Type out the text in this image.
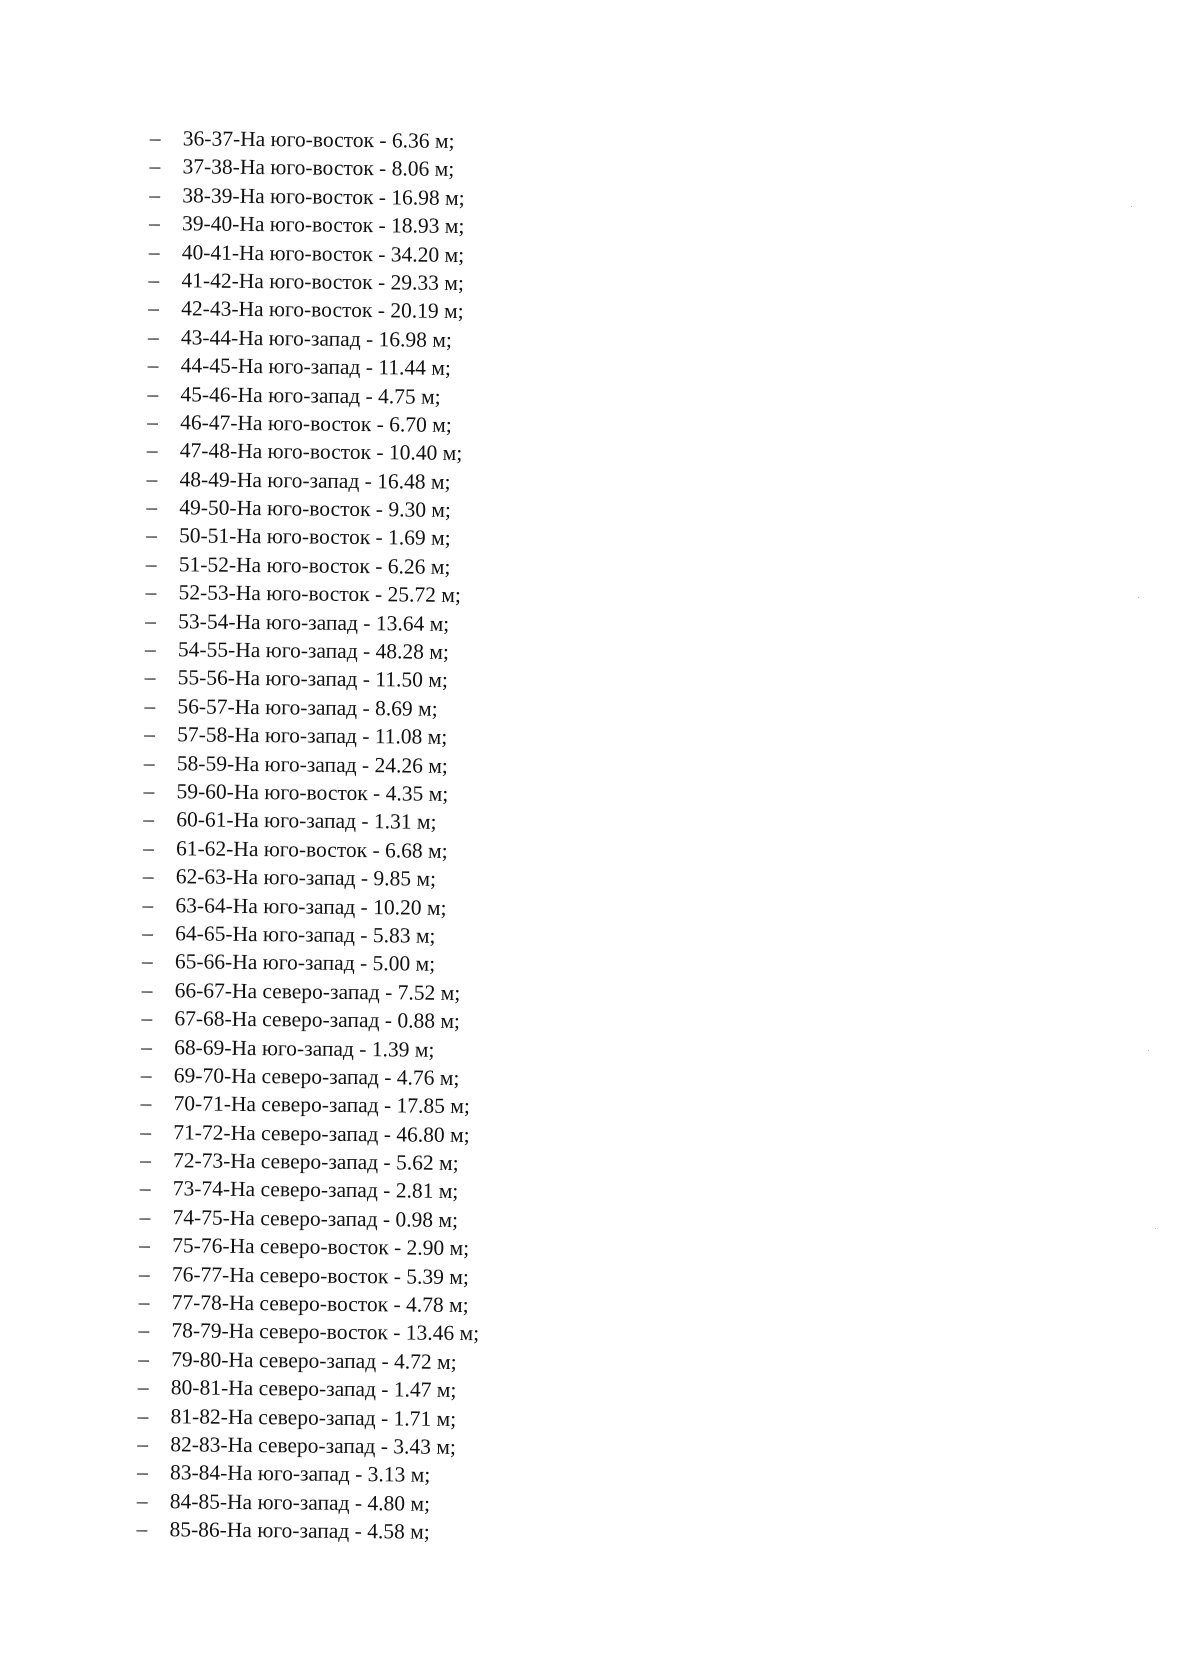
–	36-37-На юго-восток - 6.36 м;
–	37-38-На юго-восток - 8.06 м;
–	38-39-На юго-восток - 16.98 м;
–	39-40-На юго-восток - 18.93 м;
–	40-41-На юго-восток - 34.20 м;
–	41-42-На юго-восток - 29.33 м;
–	42-43-На юго-восток - 20.19 м;
–	43-44-На юго-запад - 16.98 м;
–	44-45-На юго-запад - 11.44 м;
–	45-46-На юго-запад - 4.75 м;
–	46-47-На юго-восток - 6.70 м;
–	47-48-На юго-восток - 10.40 м;
–	48-49-На юго-запад - 16.48 м;
–	49-50-На юго-восток - 9.30 м;
–	50-51-На юго-восток - 1.69 м;
–	51-52-На юго-восток - 6.26 м;
–	52-53-На юго-восток - 25.72 м;
–	53-54-На юго-запад - 13.64 м;
–	54-55-На юго-запад - 48.28 м;
–	55-56-На юго-запад - 11.50 м;
–	56-57-На юго-запад - 8.69 м;
–	57-58-На юго-запад - 11.08 м;
–	58-59-На юго-запад - 24.26 м;
–	59-60-На юго-восток - 4.35 м;
–	60-61-На юго-запад - 1.31 м;
–	61-62-На юго-восток - 6.68 м;
–	62-63-На юго-запад - 9.85 м;
–	63-64-На юго-запад - 10.20 м;
–	64-65-На юго-запад - 5.83 м;
–	65-66-На юго-запад - 5.00 м;
–	66-67-На северо-запад - 7.52 м;
–	67-68-На северо-запад - 0.88 м;
–	68-69-На юго-запад - 1.39 м;
–	69-70-На северо-запад - 4.76 м;
–	70-71-На северо-запад - 17.85 м;
–	71-72-На северо-запад - 46.80 м;
–	72-73-На северо-запад - 5.62 м;
–	73-74-На северо-запад - 2.81 м;
–	74-75-На северо-запад - 0.98 м;
–	75-76-На северо-восток - 2.90 м;
–	76-77-На северо-восток - 5.39 м;
–	77-78-На северо-восток - 4.78 м;
–	78-79-На северо-восток - 13.46 м;
–	79-80-На северо-запад - 4.72 м;
–	80-81-На северо-запад - 1.47 м;
–	81-82-На северо-запад - 1.71 м;
–	82-83-На северо-запад - 3.43 м;
–	83-84-На юго-запад - 3.13 м;
–	84-85-На юго-запад - 4.80 м;
–	85-86-На юго-запад - 4.58 м;
